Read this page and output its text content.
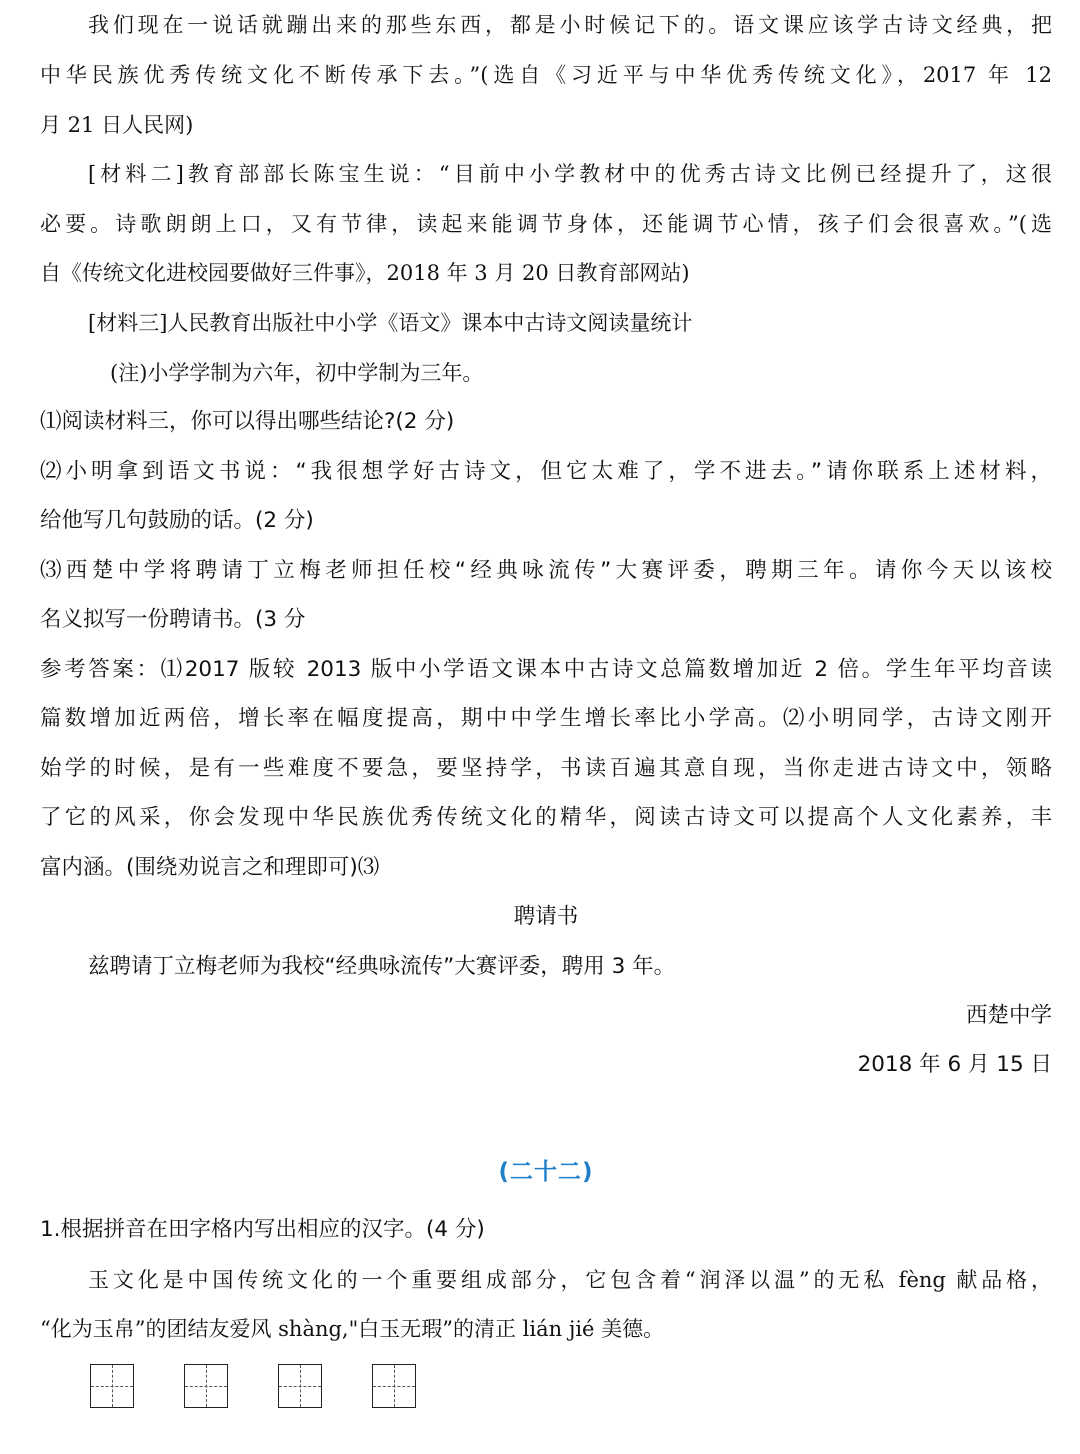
我们现在一说话就蹦出来的那些东西，都是小时候记下的。语文课应该学古诗文经典，把
中华民族优秀传统文化不断传承下去。”(选自《习近平与中华优秀传统文化》，2017 年 12
月 21 日人民网)
[材料二]教育部部长陈宝生说：“目前中小学教材中的优秀古诗文比例已经提升了，这很
必要。诗歌朗朗上口，又有节律，读起来能调节身体，还能调节心情，孩子们会很喜欢。”(选
自《传统文化进校园要做好三件事》，2018 年 3 月 20 日教育部网站)
[材料三]人民教育出版社中小学《语文》课本中古诗文阅读量统计
(注)小学学制为六年，初中学制为三年。
⑴阅读材料三，你可以得出哪些结论?(2 分)
⑵小明拿到语文书说：“我很想学好古诗文，但它太难了，学不进去。”请你联系上述材料，
给他写几句鼓励的话。(2 分)
⑶西楚中学将聘请丁立梅老师担任校“经典咏流传”大赛评委，聘期三年。请你今天以该校
名义拟写一份聘请书。(3 分
参考答案：⑴2017 版较 2013 版中小学语文课本中古诗文总篇数增加近 2 倍。学生年平均音读
篇数增加近两倍，增长率在幅度提高，期中中学生增长率比小学高。⑵小明同学，古诗文刚开
始学的时候，是有一些难度不要急，要坚持学，书读百遍其意自现，当你走进古诗文中，领略
了它的风采，你会发现中华民族优秀传统文化的精华，阅读古诗文可以提高个人文化素养，丰
富内涵。(围绕劝说言之和理即可)⑶
聘请书
兹聘请丁立梅老师为我校“经典咏流传”大赛评委，聘用 3 年。
西楚中学
2018 年 6 月 15 日
(二十二)
1.根据拼音在田字格内写出相应的汉字。(4 分)
玉文化是中国传统文化的一个重要组成部分，它包含着“润泽以温”的无私 fèng 献品格，
“化为玉帛”的团结友爱风 shàng,"白玉无瑕”的清正 lián jié 美德。
